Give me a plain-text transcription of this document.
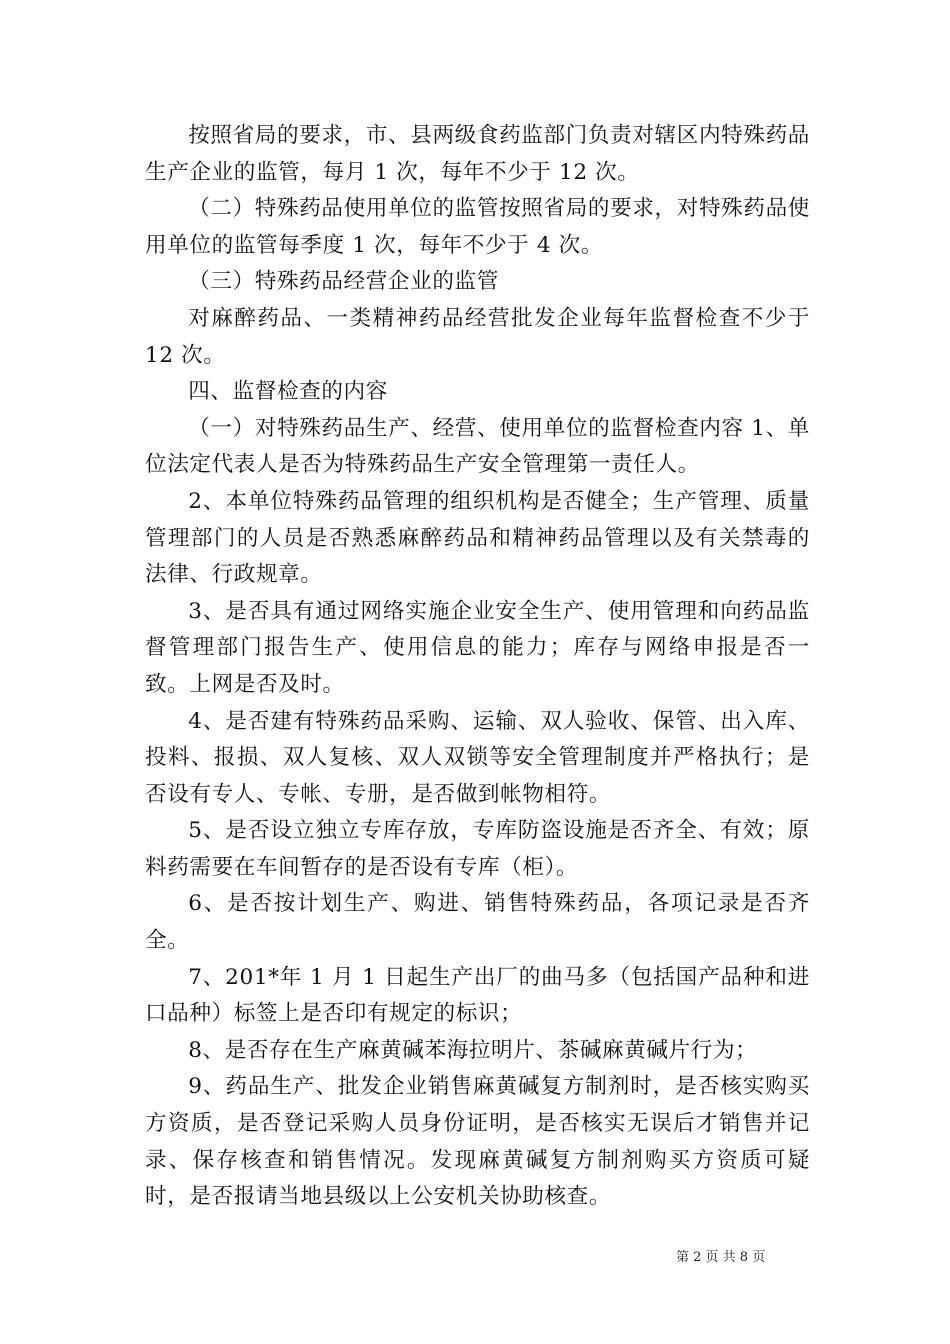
按照省局的要求，市、县两级食药监部门负责对辖区内特殊药品生产企业的监管，每月 1 次，每年不少于 12 次。

（二）特殊药品使用单位的监管按照省局的要求，对特殊药品使用单位的监管每季度 1 次，每年不少于 4 次。

（三）特殊药品经营企业的监管

对麻醉药品、一类精神药品经营批发企业每年监督检查不少于 12 次。

四、监督检查的内容

（一）对特殊药品生产、经营、使用单位的监督检查内容 1、单位法定代表人是否为特殊药品生产安全管理第一责任人。

2、本单位特殊药品管理的组织机构是否健全；生产管理、质量管理部门的人员是否熟悉麻醉药品和精神药品管理以及有关禁毒的法律、行政规章。

3、是否具有通过网络实施企业安全生产、使用管理和向药品监督管理部门报告生产、使用信息的能力；库存与网络申报是否一致。上网是否及时。

4、是否建有特殊药品采购、运输、双人验收、保管、出入库、投料、报损、双人复核、双人双锁等安全管理制度并严格执行；是否设有专人、专帐、专册，是否做到帐物相符。

5、是否设立独立专库存放，专库防盗设施是否齐全、有效；原料药需要在车间暂存的是否设有专库（柜）。

6、是否按计划生产、购进、销售特殊药品，各项记录是否齐全。

7、201*年 1 月 1 日起生产出厂的曲马多（包括国产品种和进口品种）标签上是否印有规定的标识；

8、是否存在生产麻黄碱苯海拉明片、茶碱麻黄碱片行为；

9、药品生产、批发企业销售麻黄碱复方制剂时，是否核实购买方资质，是否登记采购人员身份证明，是否核实无误后才销售并记录、保存核查和销售情况。发现麻黄碱复方制剂购买方资质可疑时，是否报请当地县级以上公安机关协助核查。

第 2 页 共 8 页
